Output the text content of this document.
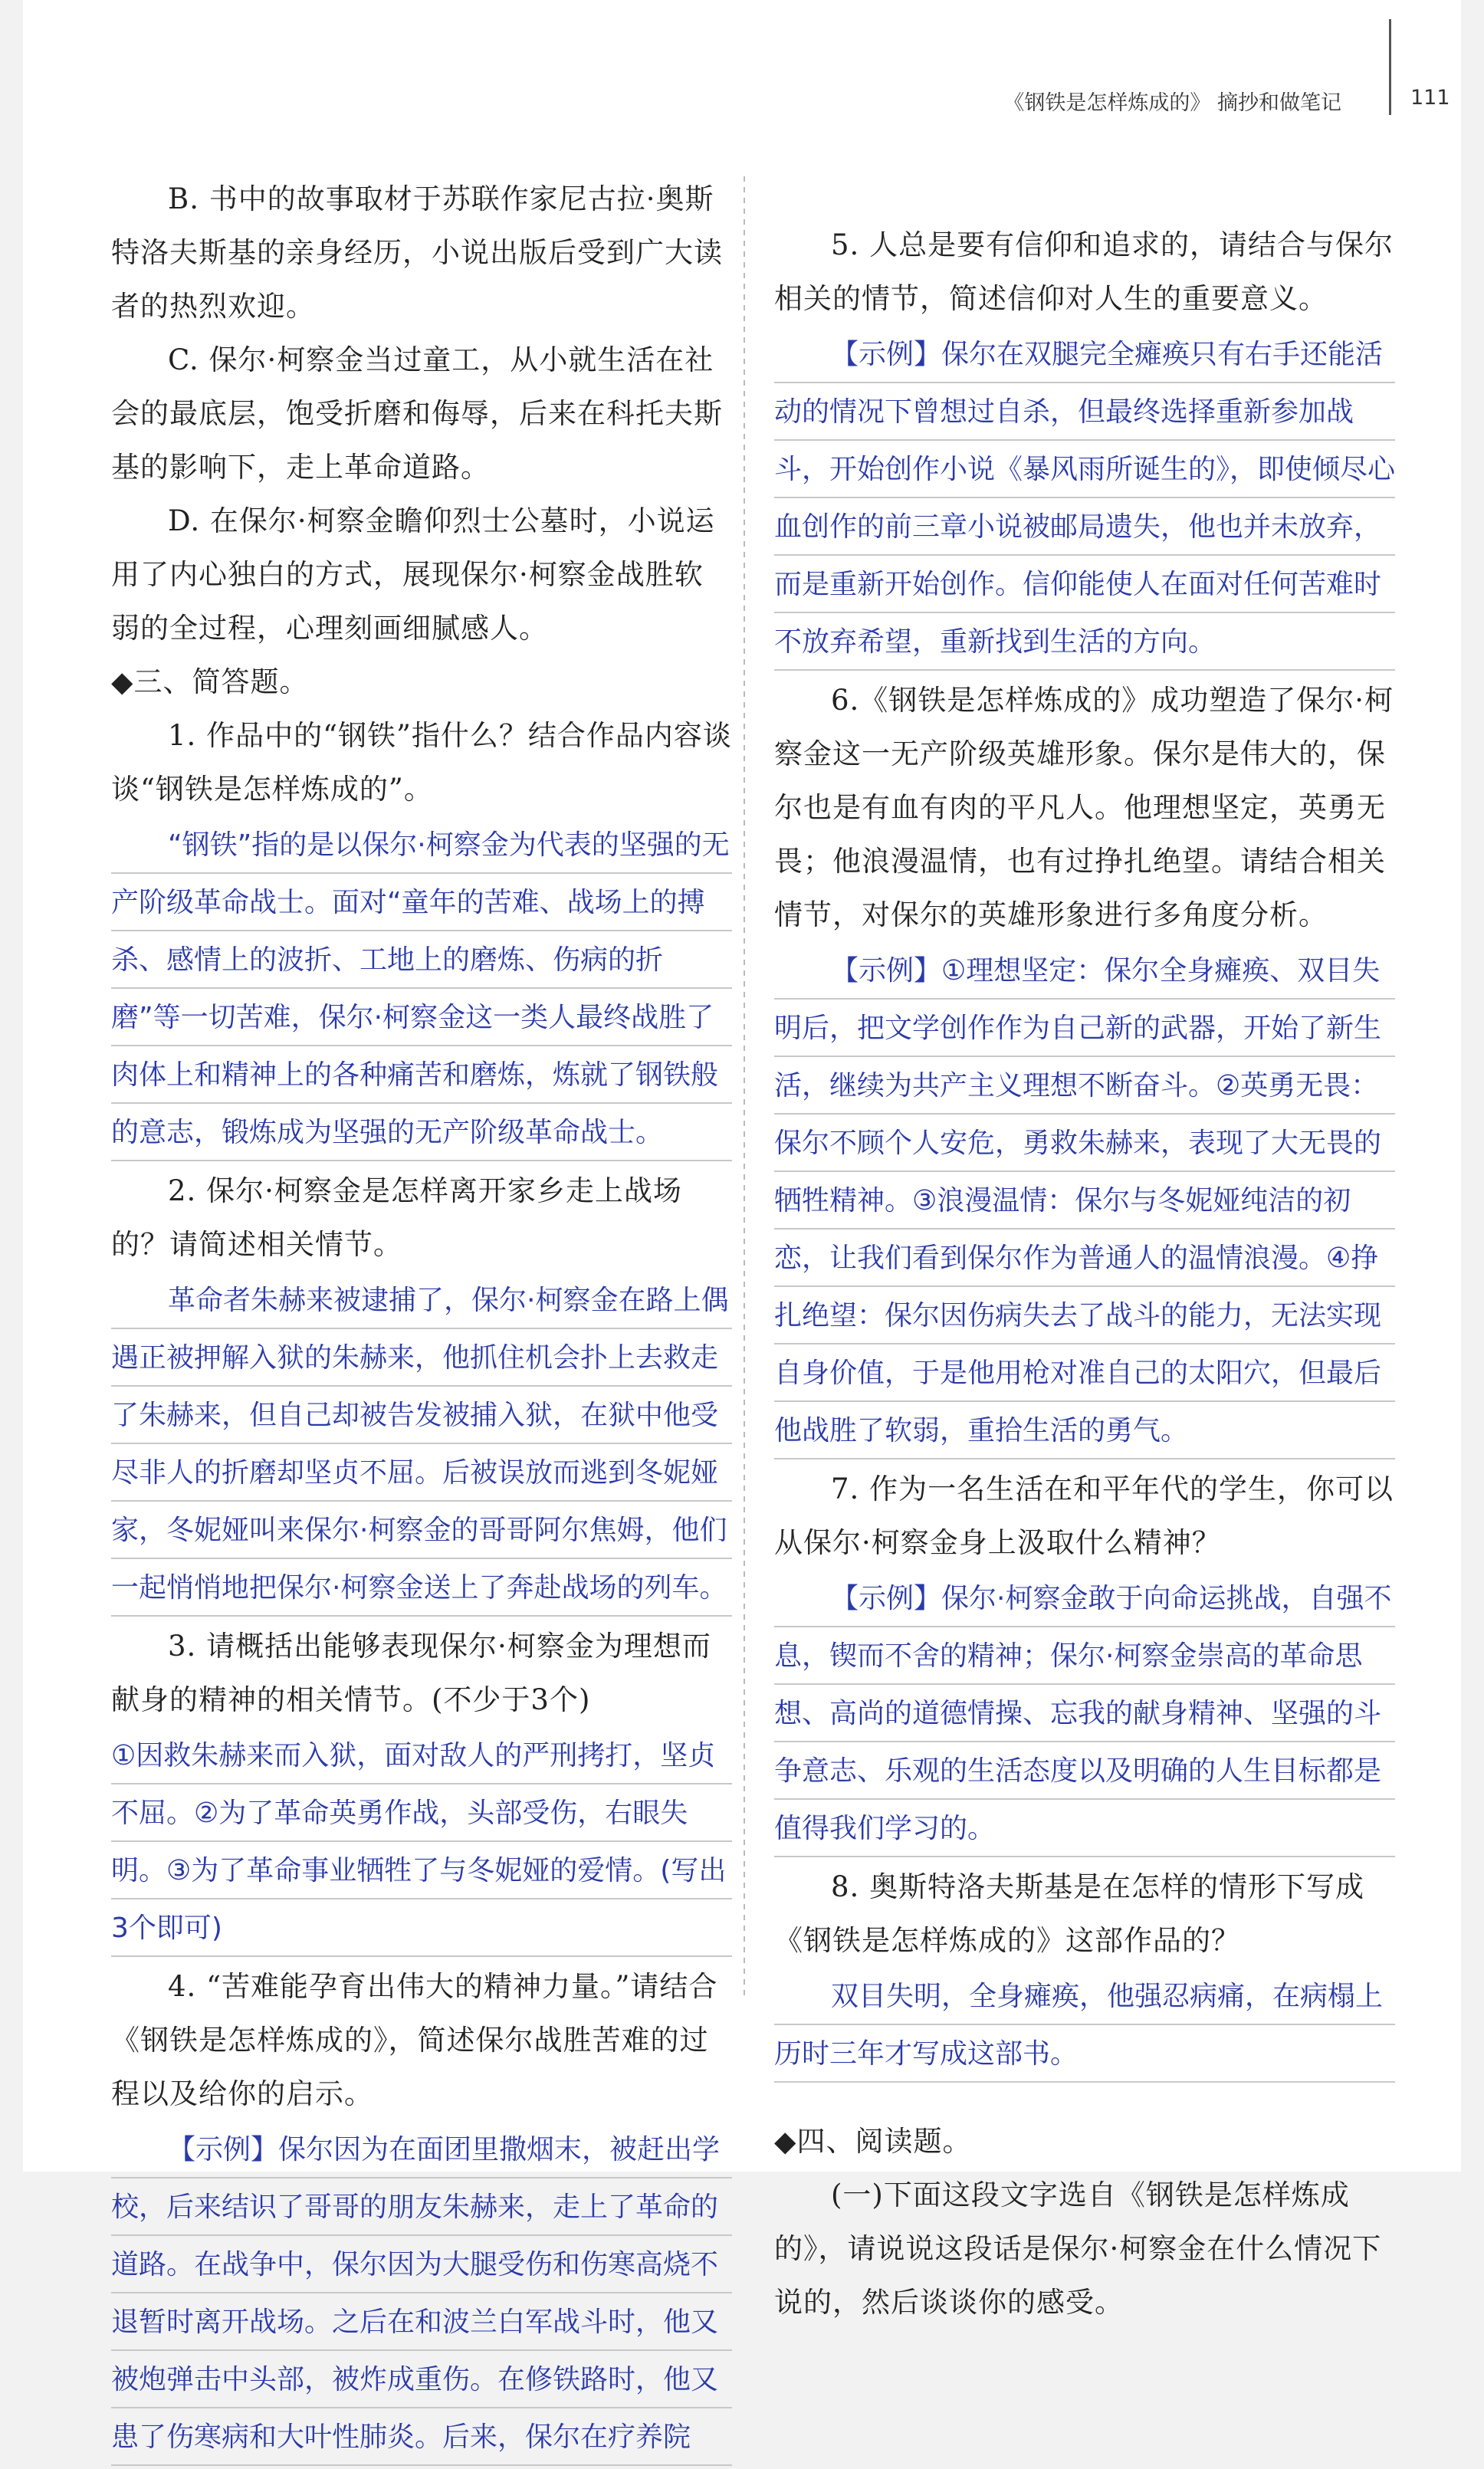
《钢铁是怎样炼成的》 摘抄和做笔记	111

B. 书中的故事取材于苏联作家尼古拉·奥斯特洛夫斯基的亲身经历，小说出版后受到广大读者的热烈欢迎。

C. 保尔·柯察金当过童工，从小就生活在社会的最底层，饱受折磨和侮辱，后来在科托夫斯基的影响下，走上革命道路。

D. 在保尔·柯察金瞻仰烈士公墓时，小说运用了内心独白的方式，展现保尔·柯察金战胜软弱的全过程，心理刻画细腻感人。

◆三、简答题。

1. 作品中的“钢铁”指什么？结合作品内容谈谈“钢铁是怎样炼成的”。

“钢铁”指的是以保尔·柯察金为代表的坚强的无产阶级革命战士。面对“童年的苦难、战场上的搏杀、感情上的波折、工地上的磨炼、伤病的折磨”等一切苦难，保尔·柯察金这一类人最终战胜了肉体上和精神上的各种痛苦和磨炼，炼就了钢铁般的意志，锻炼成为坚强的无产阶级革命战士。

2. 保尔·柯察金是怎样离开家乡走上战场的？请简述相关情节。

革命者朱赫来被逮捕了，保尔·柯察金在路上偶遇正被押解入狱的朱赫来，他抓住机会扑上去救走了朱赫来，但自己却被告发被捕入狱，在狱中他受尽非人的折磨却坚贞不屈。后被误放而逃到冬妮娅家，冬妮娅叫来保尔·柯察金的哥哥阿尔焦姆，他们一起悄悄地把保尔·柯察金送上了奔赴战场的列车。

3. 请概括出能够表现保尔·柯察金为理想而献身的精神的相关情节。(不少于3个)

①因救朱赫来而入狱，面对敌人的严刑拷打，坚贞不屈。②为了革命英勇作战，头部受伤，右眼失明。③为了革命事业牺牲了与冬妮娅的爱情。(写出3个即可)

4. “苦难能孕育出伟大的精神力量。”请结合《钢铁是怎样炼成的》，简述保尔战胜苦难的过程以及给你的启示。

【示例】保尔因为在面团里撒烟末，被赶出学校，后来结识了哥哥的朋友朱赫来，走上了革命的道路。在战争中，保尔因为大腿受伤和伤寒高烧不退暂时离开战场。之后在和波兰白军战斗时，他又被炮弹击中头部，被炸成重伤。在修铁路时，他又患了伤寒病和大叶性肺炎。后来，保尔在疗养院

5. 人总是要有信仰和追求的，请结合与保尔相关的情节，简述信仰对人生的重要意义。

【示例】保尔在双腿完全瘫痪只有右手还能活动的情况下曾想过自杀，但最终选择重新参加战斗，开始创作小说《暴风雨所诞生的》，即使倾尽心血创作的前三章小说被邮局遗失，他也并未放弃，而是重新开始创作。信仰能使人在面对任何苦难时不放弃希望，重新找到生活的方向。

6.《钢铁是怎样炼成的》成功塑造了保尔·柯察金这一无产阶级英雄形象。保尔是伟大的，保尔也是有血有肉的平凡人。他理想坚定，英勇无畏；他浪漫温情，也有过挣扎绝望。请结合相关情节，对保尔的英雄形象进行多角度分析。

【示例】①理想坚定：保尔全身瘫痪、双目失明后，把文学创作作为自己新的武器，开始了新生活，继续为共产主义理想不断奋斗。②英勇无畏：保尔不顾个人安危，勇救朱赫来，表现了大无畏的牺牲精神。③浪漫温情：保尔与冬妮娅纯洁的初恋，让我们看到保尔作为普通人的温情浪漫。④挣扎绝望：保尔因伤病失去了战斗的能力，无法实现自身价值，于是他用枪对准自己的太阳穴，但最后他战胜了软弱，重拾生活的勇气。

7. 作为一名生活在和平年代的学生，你可以从保尔·柯察金身上汲取什么精神？

【示例】保尔·柯察金敢于向命运挑战，自强不息，锲而不舍的精神；保尔·柯察金崇高的革命思想、高尚的道德情操、忘我的献身精神、坚强的斗争意志、乐观的生活态度以及明确的人生目标都是值得我们学习的。

8. 奥斯特洛夫斯基是在怎样的情形下写成《钢铁是怎样炼成的》这部作品的？

双目失明，全身瘫痪，他强忍病痛，在病榻上历时三年才写成这部书。

◆四、阅读题。

(一)下面这段文字选自《钢铁是怎样炼成的》，请说说这段话是保尔·柯察金在什么情况下说的，然后谈谈你的感受。
